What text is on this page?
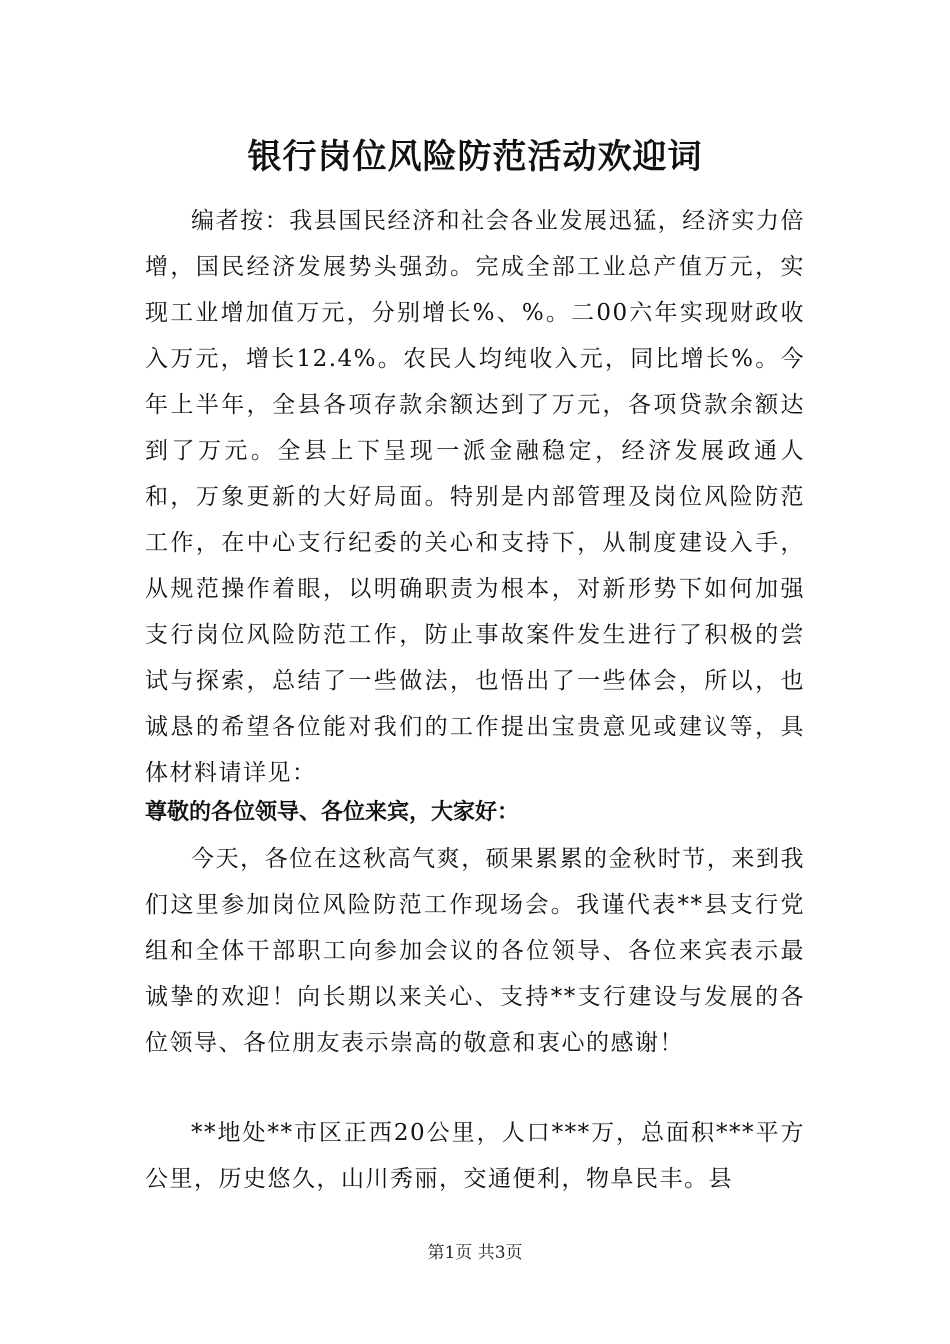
银行岗位风险防范活动欢迎词

编者按：我县国民经济和社会各业发展迅猛，经济实力倍增，国民经济发展势头强劲。完成全部工业总产值万元，实现工业增加值万元，分别增长%、%。二00六年实现财政收入万元，增长12.4%。农民人均纯收入元，同比增长%。今年上半年，全县各项存款余额达到了万元，各项贷款余额达到了万元。全县上下呈现一派金融稳定，经济发展政通人和，万象更新的大好局面。特别是内部管理及岗位风险防范工作，在中心支行纪委的关心和支持下，从制度建设入手，从规范操作着眼，以明确职责为根本，对新形势下如何加强支行岗位风险防范工作，防止事故案件发生进行了积极的尝试与探索，总结了一些做法，也悟出了一些体会，所以，也诚恳的希望各位能对我们的工作提出宝贵意见或建议等，具体材料请详见：

尊敬的各位领导、各位来宾，大家好：

今天，各位在这秋高气爽，硕果累累的金秋时节，来到我们这里参加岗位风险防范工作现场会。我谨代表**县支行党组和全体干部职工向参加会议的各位领导、各位来宾表示最诚挚的欢迎！向长期以来关心、支持**支行建设与发展的各位领导、各位朋友表示崇高的敬意和衷心的感谢！

**地处**市区正西20公里，人口***万，总面积***平方公里，历史悠久，山川秀丽，交通便利，物阜民丰。县

第1页 共3页
